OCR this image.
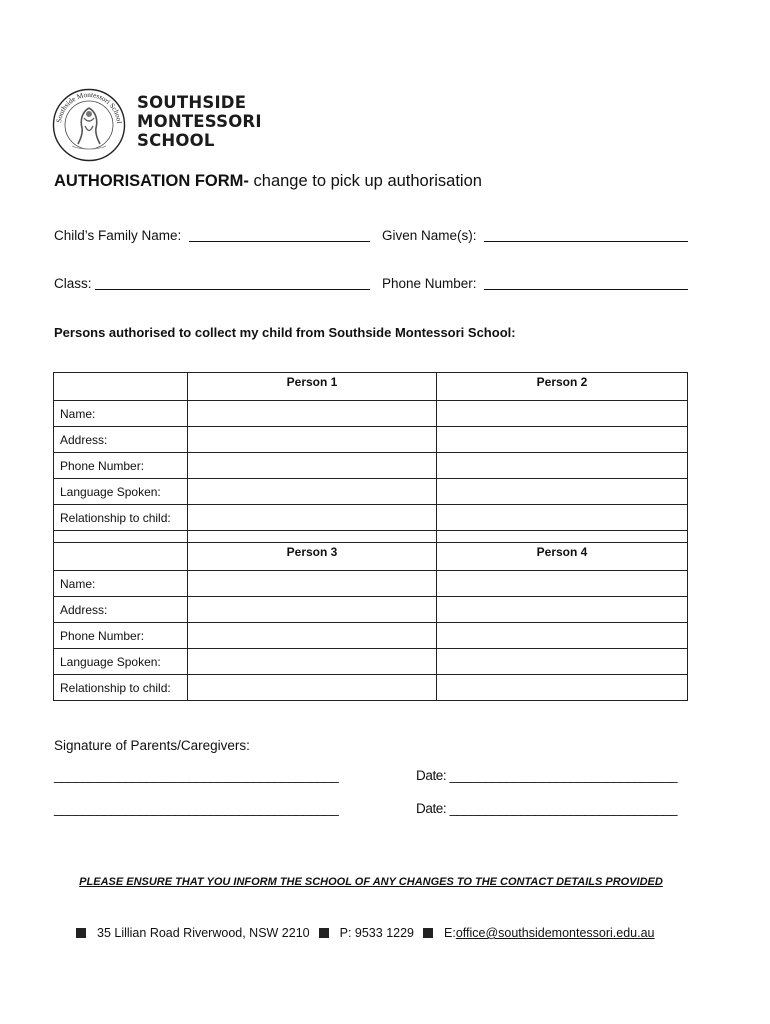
Southside Montessori School
SOUTHSIDE
MONTESSORI
SCHOOL
AUTHORISATION FORM- change to pick up authorisation
Child’s Family Name:	Given Name(s):
Class:	Phone Number:
Persons authorised to collect my child from Southside Montessori School:
	Person 1	Person 2
Name:		
Address:		
Phone Number:		
Language Spoken:		
Relationship to child:		

	Person 3	Person 4
Name:		
Address:		
Phone Number:		
Language Spoken:		
Relationship to child:		
Signature of Parents/Caregivers:
________________________________________	Date: ________________________________
________________________________________	Date: ________________________________
PLEASE ENSURE THAT YOU INFORM THE SCHOOL OF ANY CHANGES TO THE CONTACT DETAILS PROVIDED
35 Lillian Road Riverwood, NSW 2210 P: 9533 1229 E: office@southsidemontessori.edu.au
